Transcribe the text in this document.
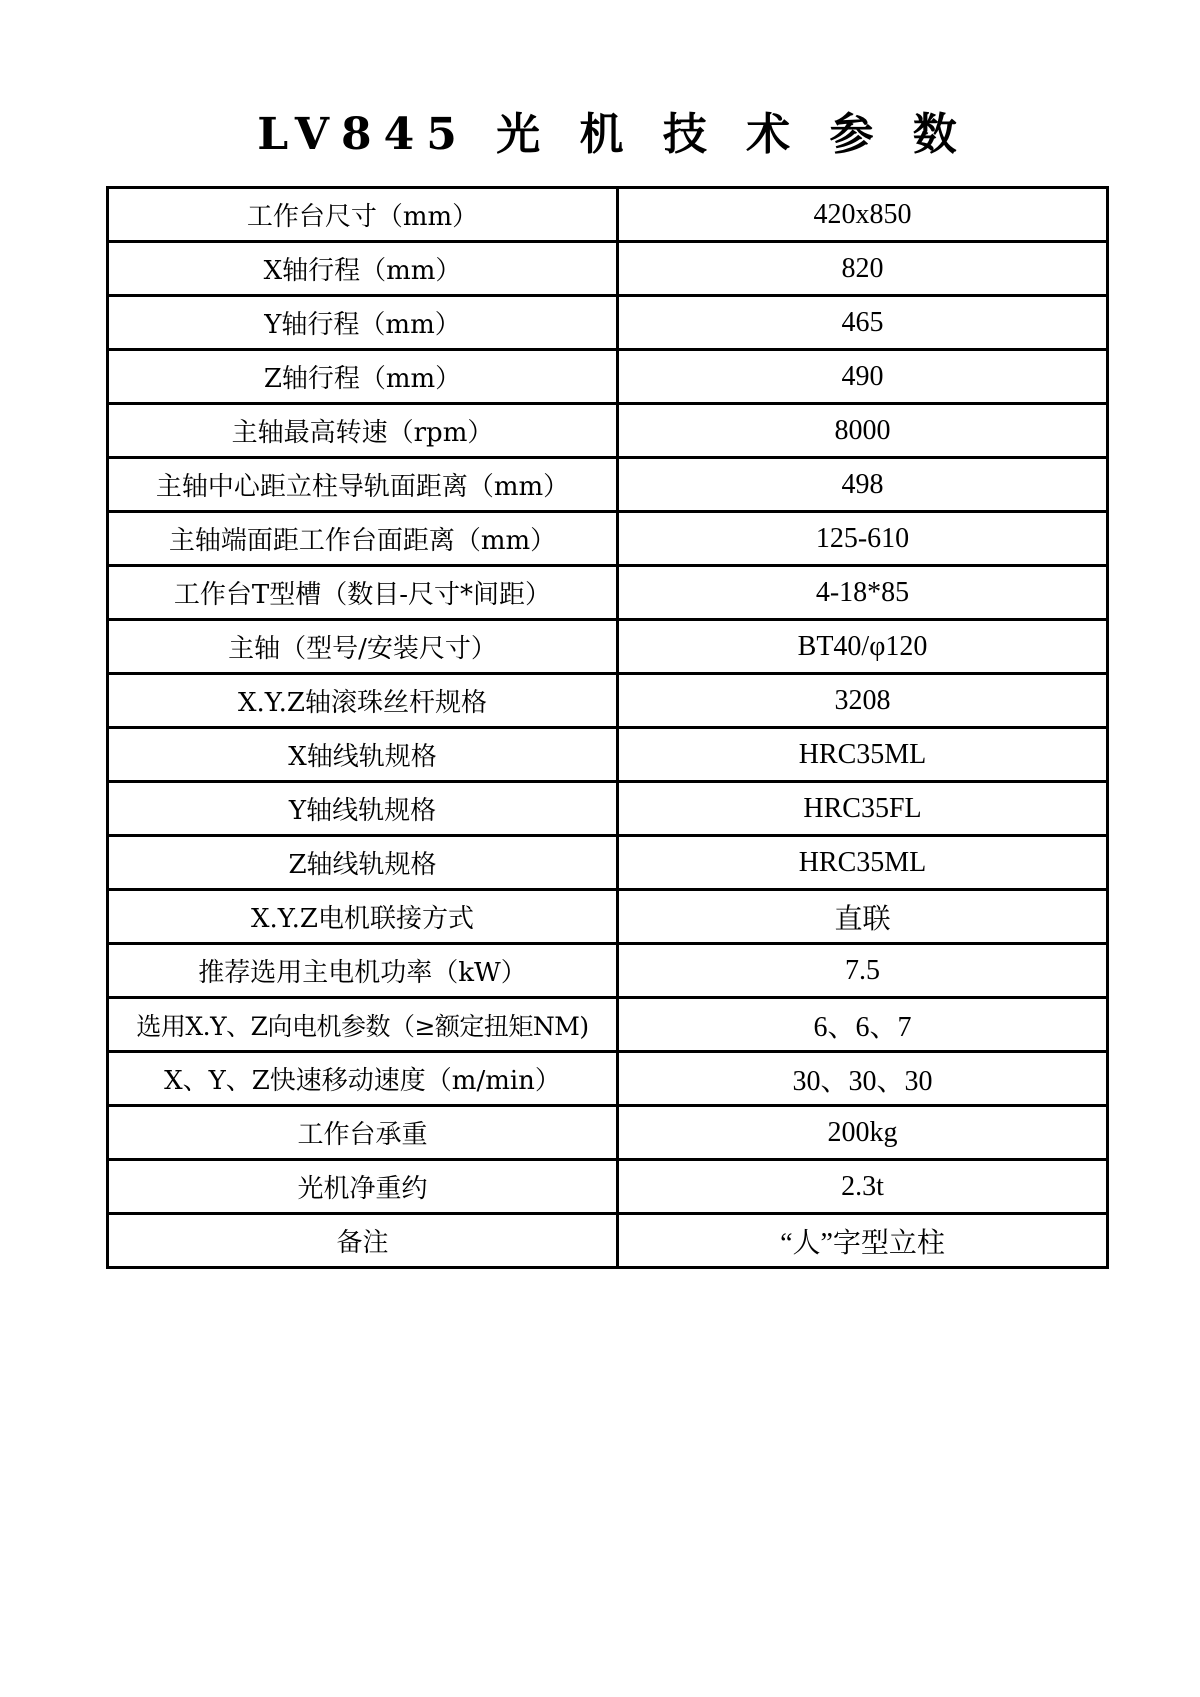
LV845 光 机 技 术 参 数
工作台尺寸（mm）	420x850
X轴行程（mm）	820
Y轴行程（mm）	465
Z轴行程（mm）	490
主轴最高转速（rpm）	8000
主轴中心距立柱导轨面距离（mm）	498
主轴端面距工作台面距离（mm）	125-610
工作台T型槽（数目-尺寸*间距）	4-18*85
主轴（型号/安装尺寸）	BT40/φ120
X.Y.Z轴滚珠丝杆规格	3208
X轴线轨规格	HRC35ML
Y轴线轨规格	HRC35FL
Z轴线轨规格	HRC35ML
X.Y.Z电机联接方式	直联
推荐选用主电机功率（kW）	7.5
选用X.Y、Z向电机参数（≥额定扭矩NM)	6、6、7
X、Y、Z快速移动速度（m/min）	30、30、30
工作台承重	200kg
光机净重约	2.3t
备注	“人”字型立柱
